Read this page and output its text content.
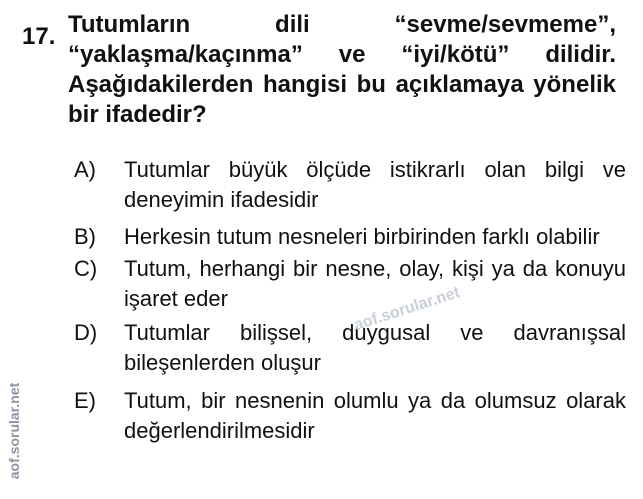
17. Tutumların dili “sevme/sevmeme”, “yaklaşma/kaçınma” ve “iyi/kötü” dilidir. Aşağıdakilerden hangisi bu açıklamaya yönelik bir ifadedir?
A)	Tutumlar büyük ölçüde istikrarlı olan bilgi ve deneyimin ifadesidir
B)	Herkesin tutum nesneleri birbirinden farklı olabilir
C)	Tutum, herhangi bir nesne, olay, kişi ya da konuyu işaret eder
D)	Tutumlar bilişsel, duygusal ve davranışsal bileşenlerden oluşur
E)	Tutum, bir nesnenin olumlu ya da olumsuz olarak değerlendirilmesidir
aof.sorular.net
aof.sorular.net
